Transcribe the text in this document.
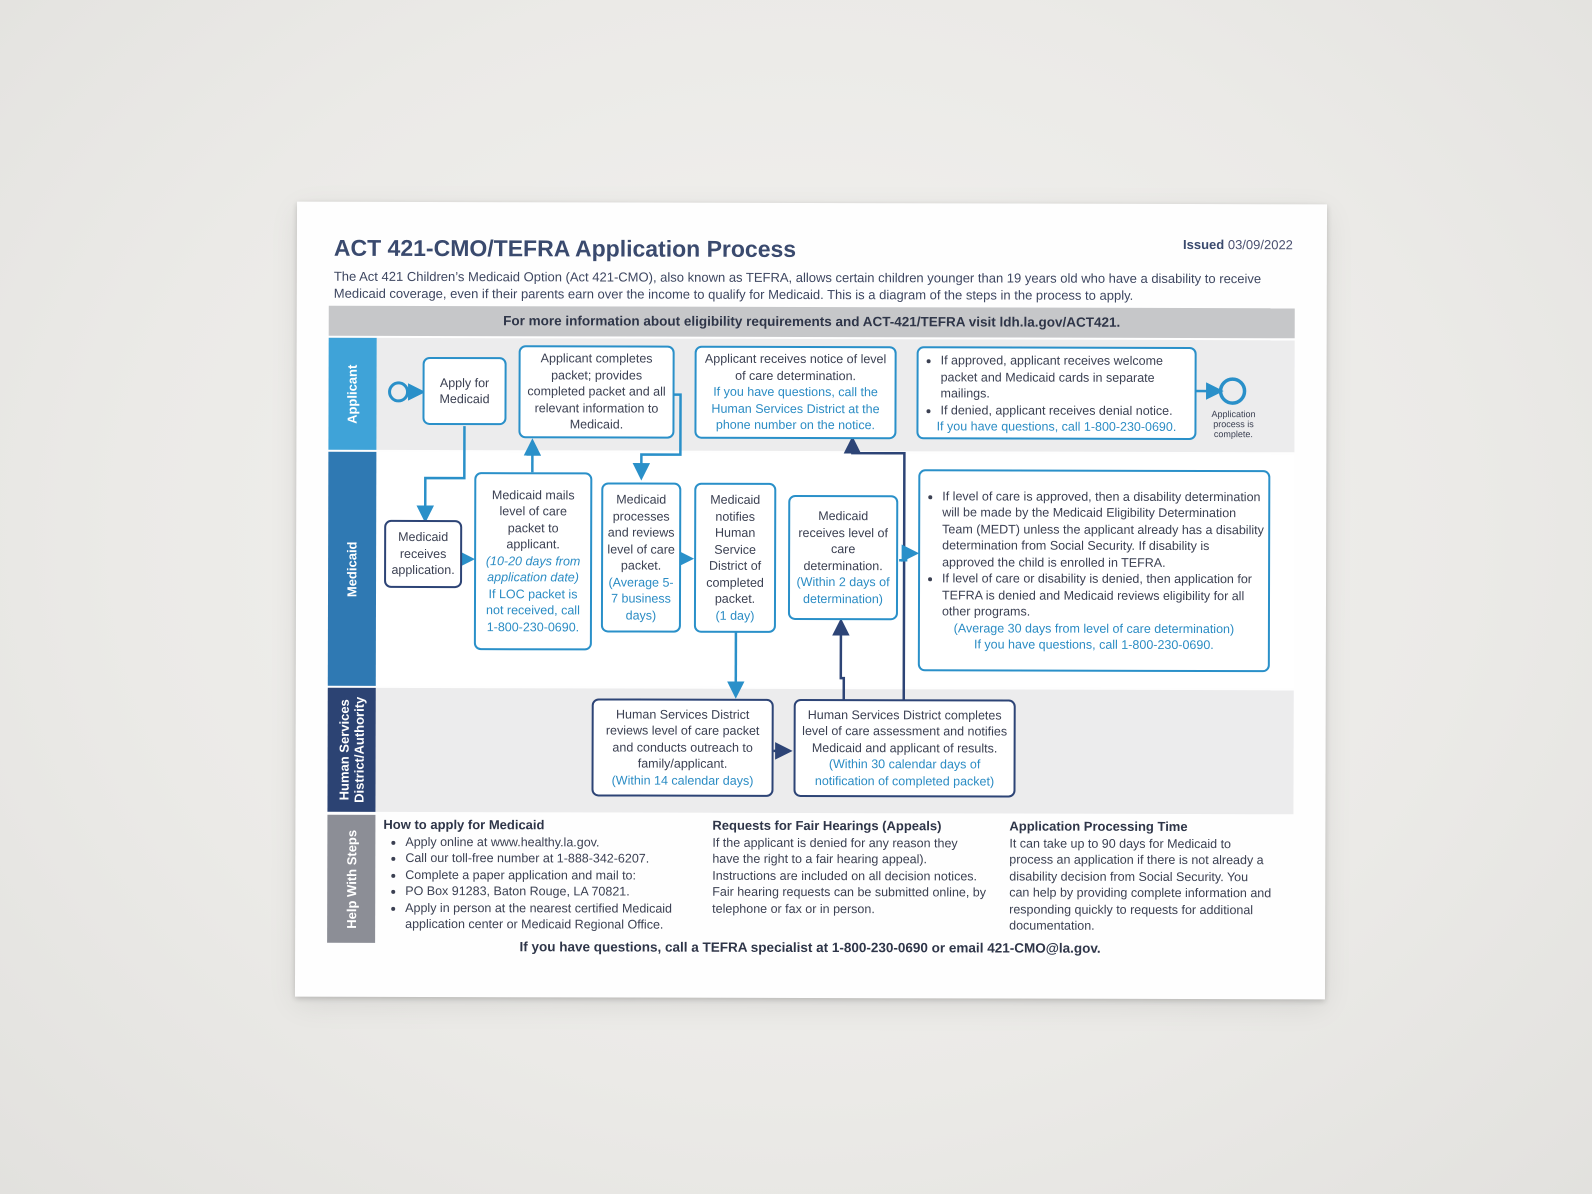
ACT 421-CMO/TEFRA Application Process	Issued 03/09/2022
The Act 421 Children’s Medicaid Option (Act 421-CMO), also known as TEFRA, allows certain children younger than 19 years old who have a disability to receive Medicaid coverage, even if their parents earn over the income to qualify for Medicaid. This is a diagram of the steps in the process to apply.
For more information about eligibility requirements and ACT-421/TEFRA visit ldh.la.gov/ACT421.
Applicant
Medicaid
Human Services
District/Authority
Help With Steps
Apply for Medicaid
Applicant completes packet; provides completed packet and all relevant information to Medicaid.
Applicant receives notice of level of care determination.
If you have questions, call the Human Services District at the phone number on the notice.
• If approved, applicant receives welcome packet and Medicaid cards in separate mailings.
• If denied, applicant receives denial notice.
If you have questions, call 1-800-230-0690.
Application process is complete.
Medicaid receives application.
Medicaid mails level of care packet to applicant.
(10-20 days from application date)
If LOC packet is not received, call 1-800-230-0690.
Medicaid processes and reviews level of care packet.
(Average 5-7 business days)
Medicaid notifies Human Service District of completed packet.
(1 day)
Medicaid receives level of care determination.
(Within 2 days of determination)
• If level of care is approved, then a disability determination will be made by the Medicaid Eligibility Determination Team (MEDT) unless the applicant already has a disability determination from Social Security. If disability is approved the child is enrolled in TEFRA.
• If level of care or disability is denied, then application for TEFRA is denied and Medicaid reviews eligibility for all other programs.
(Average 30 days from level of care determination)
If you have questions, call 1-800-230-0690.
Human Services District reviews level of care packet and conducts outreach to family/applicant.
(Within 14 calendar days)
Human Services District completes level of care assessment and notifies Medicaid and applicant of results.
(Within 30 calendar days of notification of completed packet)
How to apply for Medicaid
• Apply online at www.healthy.la.gov.
• Call our toll-free number at 1-888-342-6207.
• Complete a paper application and mail to:
• PO Box 91283, Baton Rouge, LA 70821.
• Apply in person at the nearest certified Medicaid application center or Medicaid Regional Office.
Requests for Fair Hearings (Appeals)
If the applicant is denied for any reason they have the right to a fair hearing appeal). Instructions are included on all decision notices. Fair hearing requests can be submitted online, by telephone or fax or in person.
Application Processing Time
It can take up to 90 days for Medicaid to process an application if there is not already a disability decision from Social Security. You can help by providing complete information and responding quickly to requests for additional documentation.
If you have questions, call a TEFRA specialist at 1-800-230-0690 or email 421-CMO@la.gov.
